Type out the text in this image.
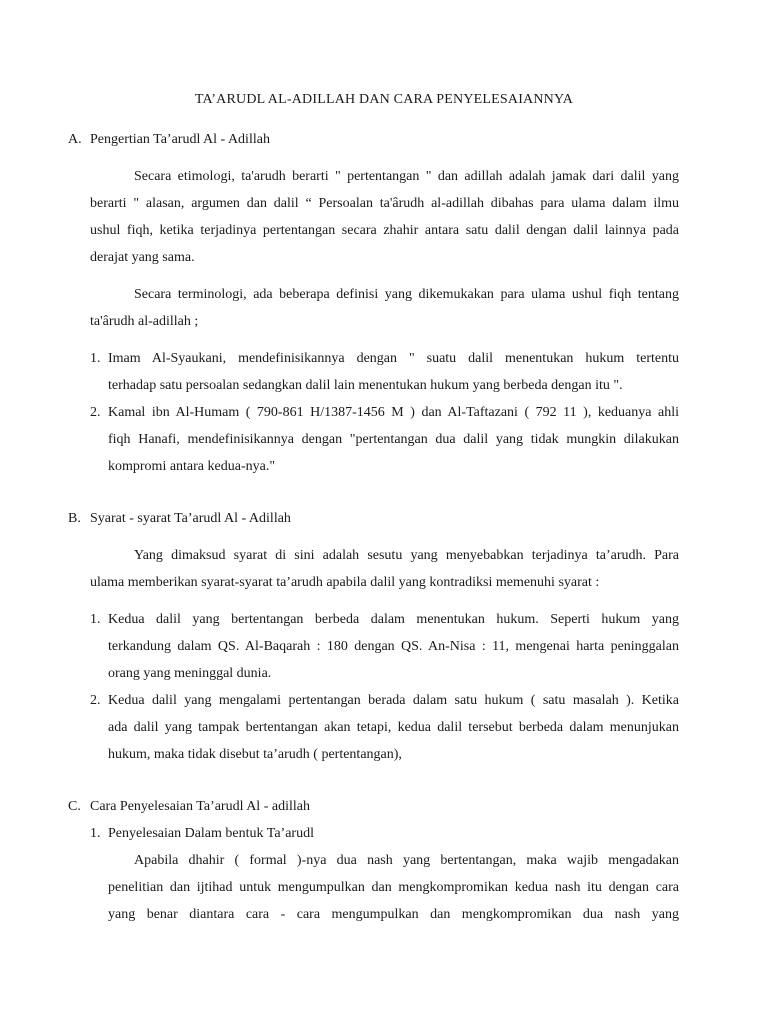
TA’ARUDL AL-ADILLAH DAN CARA PENYELESAIANNYA
A. Pengertian Ta’arudl Al - Adillah
Secara etimologi, ta'arudh berarti " pertentangan " dan adillah adalah jamak dari dalil yang
berarti " alasan, argumen dan dalil “ Persoalan ta'ârudh al-adillah dibahas para ulama dalam ilmu
ushul fiqh, ketika terjadinya pertentangan secara zhahir antara satu dalil dengan dalil lainnya pada
derajat yang sama.
Secara terminologi, ada beberapa definisi yang dikemukakan para ulama ushul fiqh tentang
ta'ârudh al-adillah ;
1. Imam Al-Syaukani, mendefinisikannya dengan " suatu dalil menentukan hukum tertentu
terhadap satu persoalan sedangkan dalil lain menentukan hukum yang berbeda dengan itu ".
2. Kamal ibn Al-Humam ( 790-861 H/1387-1456 M ) dan Al-Taftazani ( 792 11 ), keduanya ahli
fiqh Hanafi, mendefinisikannya dengan "pertentangan dua dalil yang tidak mungkin dilakukan
kompromi antara kedua-nya."
B. Syarat - syarat Ta’arudl Al - Adillah
Yang dimaksud syarat di sini adalah sesutu yang menyebabkan terjadinya ta’arudh. Para
ulama memberikan syarat-syarat ta’arudh apabila dalil yang kontradiksi memenuhi syarat :
1. Kedua dalil yang bertentangan berbeda dalam menentukan hukum. Seperti hukum yang
terkandung dalam QS. Al-Baqarah : 180 dengan QS. An-Nisa : 11, mengenai harta peninggalan
orang yang meninggal dunia.
2. Kedua dalil yang mengalami pertentangan berada dalam satu hukum ( satu masalah ). Ketika
ada dalil yang tampak bertentangan akan tetapi, kedua dalil tersebut berbeda dalam menunjukan
hukum, maka tidak disebut ta’arudh ( pertentangan),
C. Cara Penyelesaian Ta’arudl Al - adillah
1. Penyelesaian Dalam bentuk Ta’arudl
Apabila dhahir ( formal )-nya dua nash yang bertentangan, maka wajib mengadakan
penelitian dan ijtihad untuk mengumpulkan dan mengkompromikan kedua nash itu dengan cara
yang benar diantara cara - cara mengumpulkan dan mengkompromikan dua nash yang
